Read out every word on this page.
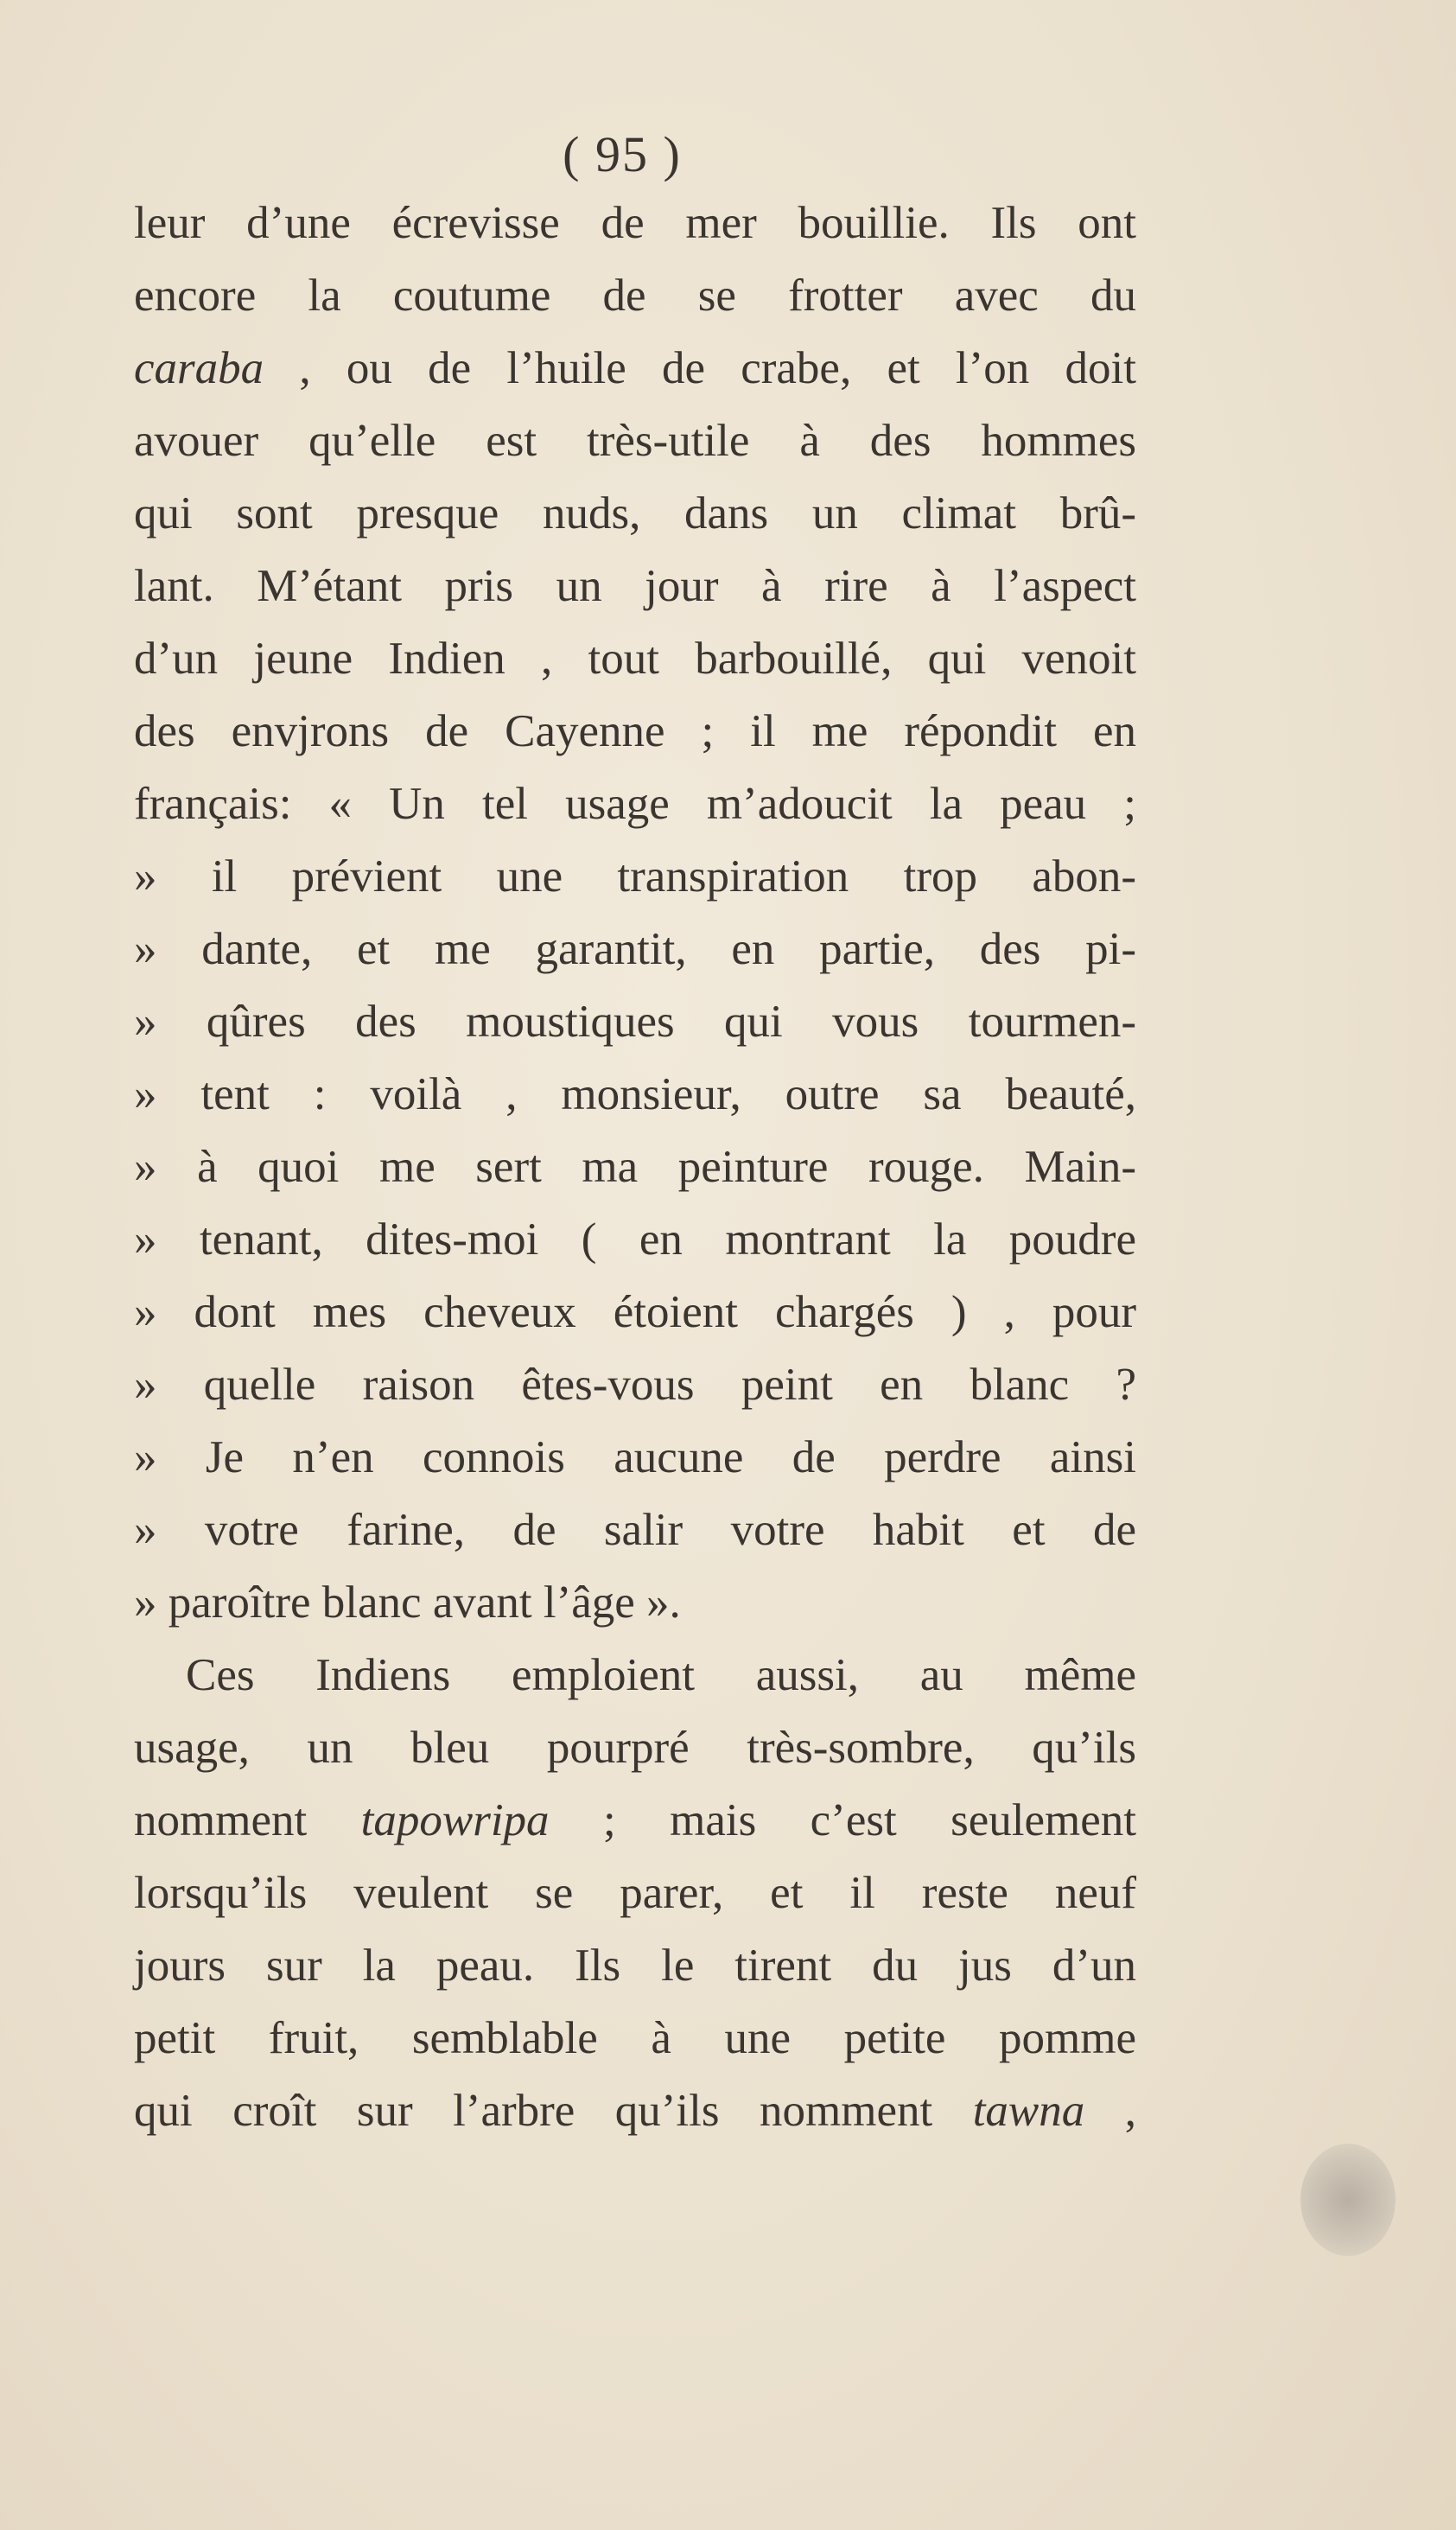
( 95 )
leur d’une écrevisse de mer bouillie. Ils ont
encore la coutume de se frotter avec du
caraba , ou de l’huile de crabe, et l’on doit
avouer qu’elle est très-utile à des hommes
qui sont presque nuds, dans un climat brû-
lant. M’étant pris un jour à rire à l’aspect
d’un jeune Indien , tout barbouillé, qui venoit
des envjrons de Cayenne ; il me répondit en
français: « Un tel usage m’adoucit la peau ;
» il prévient une transpiration trop abon-
» dante, et me garantit, en partie, des pi-
» qûres des moustiques qui vous tourmen-
» tent : voilà , monsieur, outre sa beauté,
» à quoi me sert ma peinture rouge. Main-
» tenant, dites-moi ( en montrant la poudre
» dont mes cheveux étoient chargés ) , pour
» quelle raison êtes-vous peint en blanc ?
» Je n’en connois aucune de perdre ainsi
» votre farine, de salir votre habit et de
» paroître blanc avant l’âge ».
Ces Indiens emploient aussi, au même
usage, un bleu pourpré très-sombre, qu’ils
nomment tapowripa ; mais c’est seulement
lorsqu’ils veulent se parer, et il reste neuf
jours sur la peau. Ils le tirent du jus d’un
petit fruit, semblable à une petite pomme
qui croît sur l’arbre qu’ils nomment tawna ,
